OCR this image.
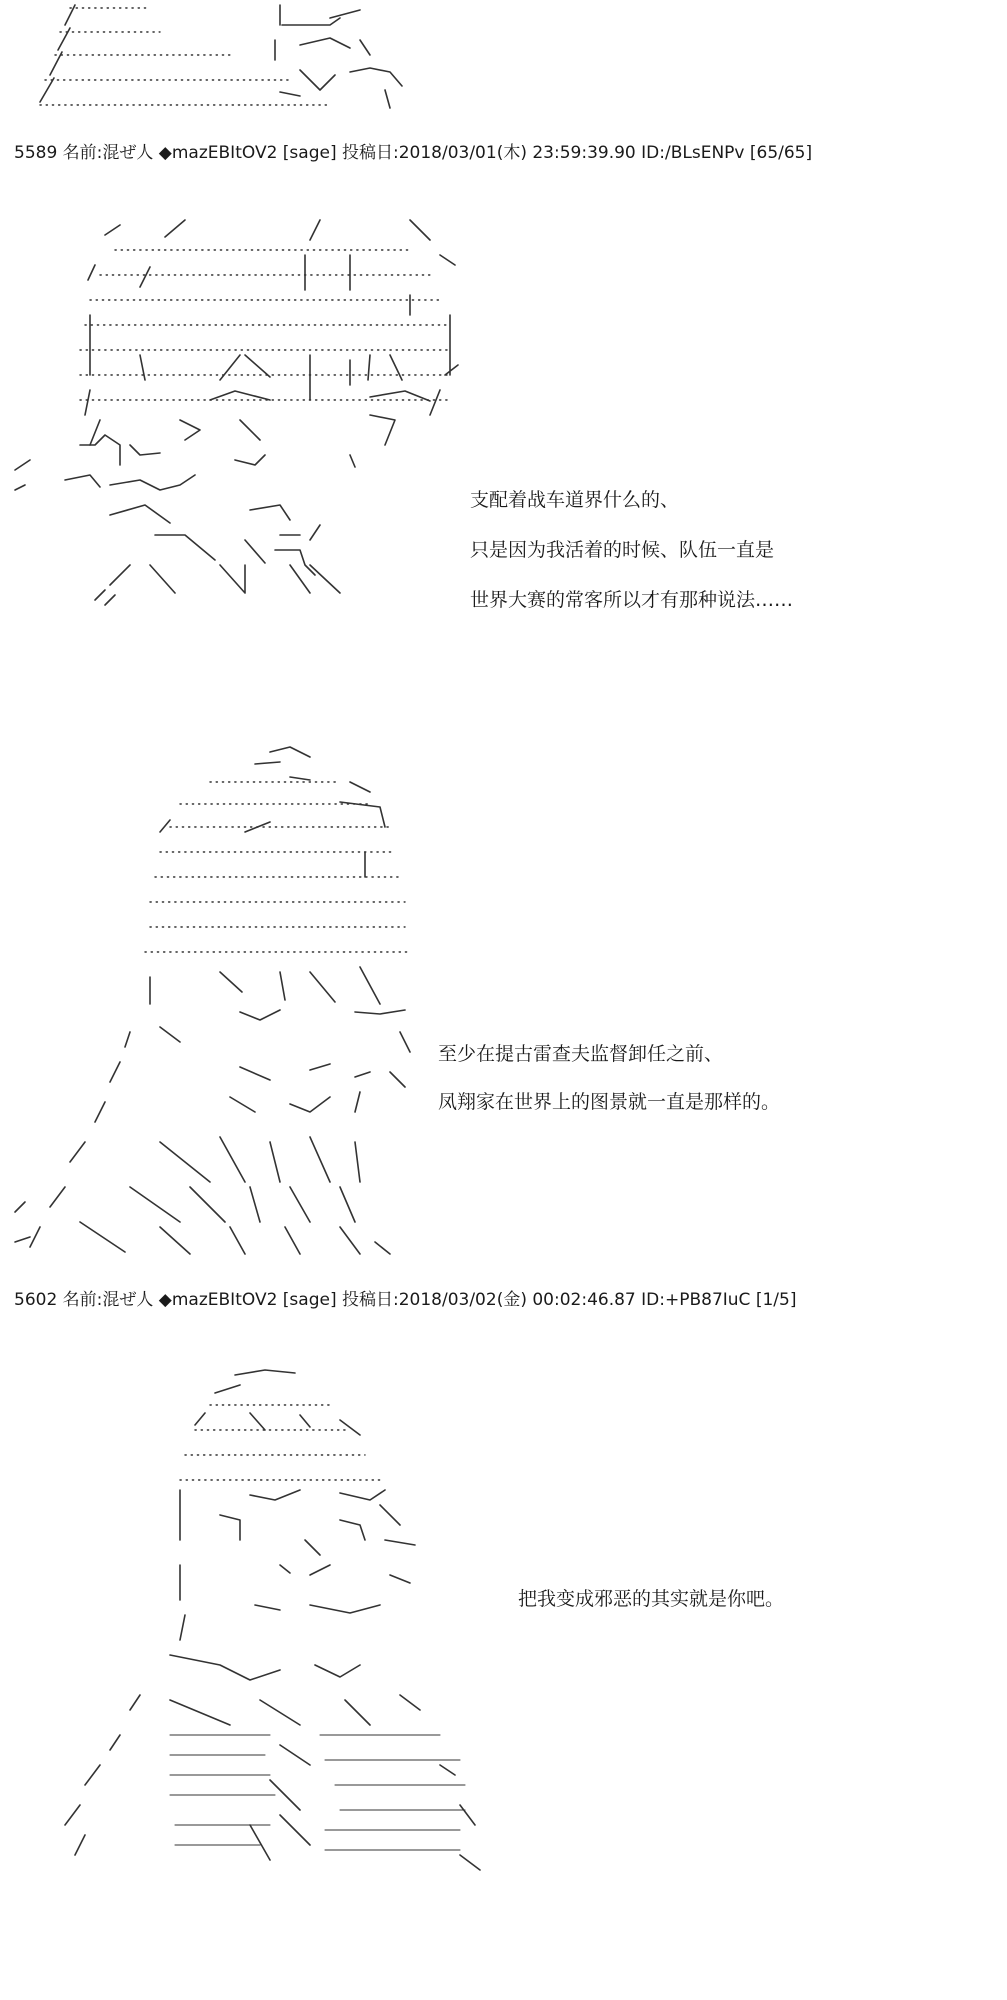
5589 名前:混ぜ人 ◆mazEBItOV2 [sage] 投稿日:2018/03/01(木) 23:59:39.90 ID:/BLsENPv [65/65]
支配着战车道界什么的、
只是因为我活着的时候、队伍一直是
世界大赛的常客所以才有那种说法……
至少在提古雷查夫监督卸任之前、
凤翔家在世界上的图景就一直是那样的。
5602 名前:混ぜ人 ◆mazEBItOV2 [sage] 投稿日:2018/03/02(金) 00:02:46.87 ID:+PB87IuC [1/5]
把我变成邪恶的其实就是你吧。
